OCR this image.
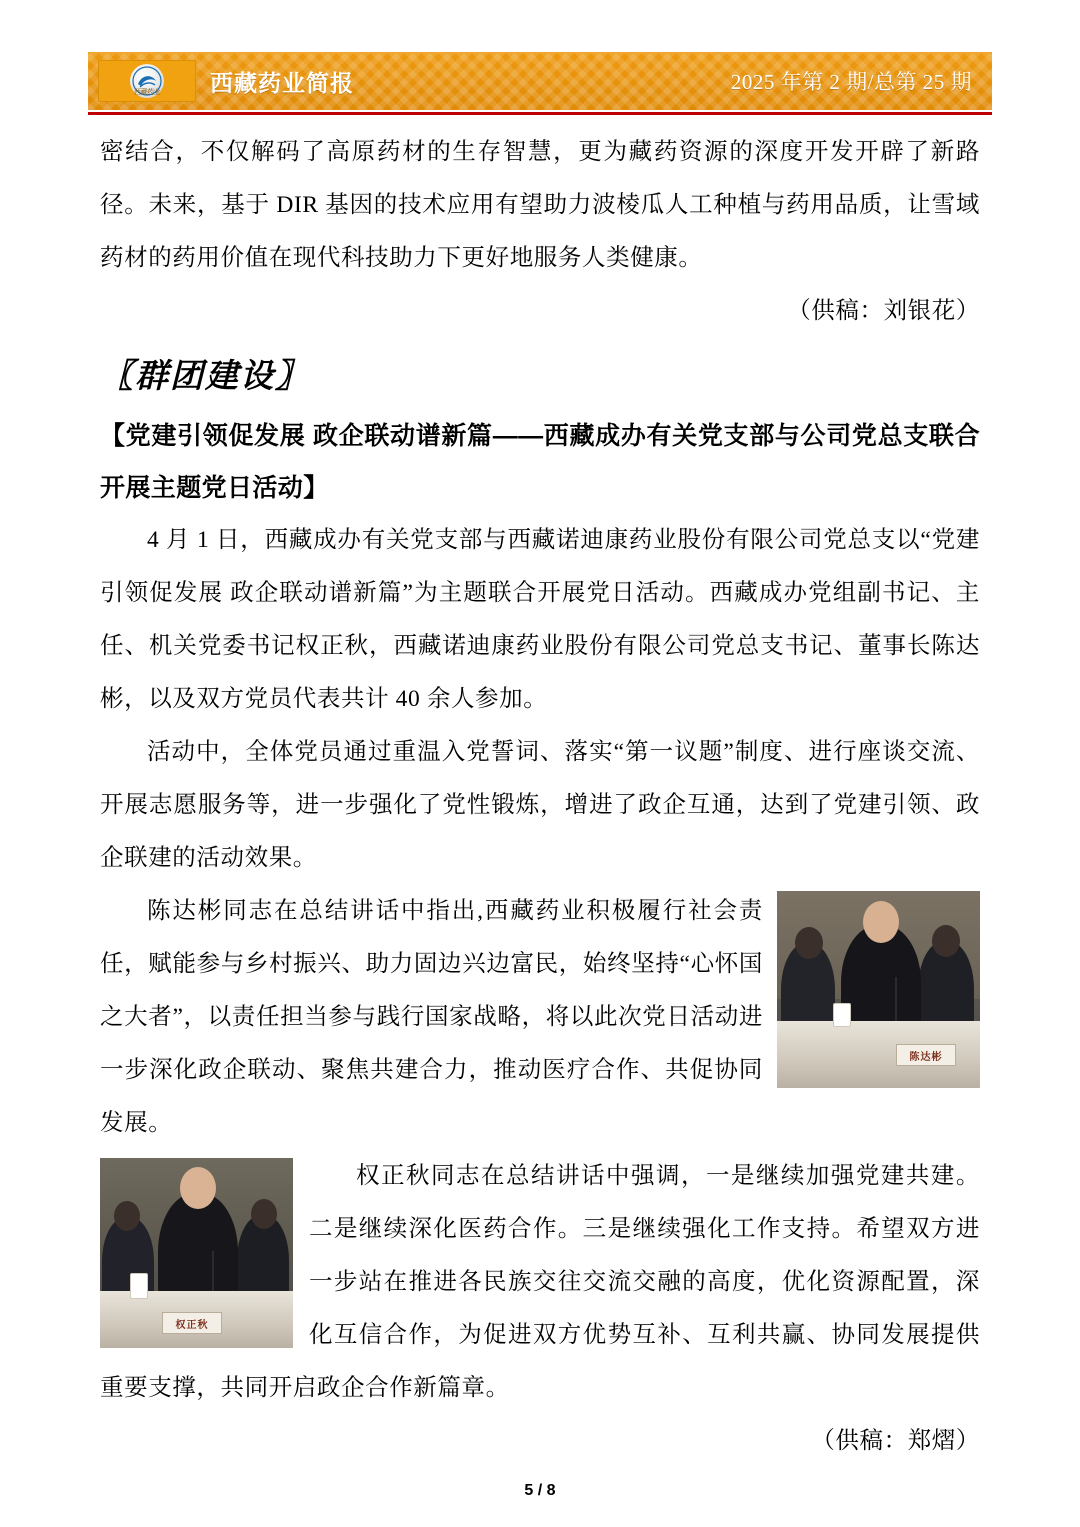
西藏药业 西藏药业简报	2025 年第 2 期/总第 25 期

密结合，不仅解码了高原药材的生存智慧，更为藏药资源的深度开发开辟了新路径。未来，基于 DIR 基因的技术应用有望助力波棱瓜人工种植与药用品质，让雪域药材的药用价值在现代科技助力下更好地服务人类健康。

（供稿：刘银花）

〖群团建设〗
【党建引领促发展 政企联动谱新篇——西藏成办有关党支部与公司党总支联合开展主题党日活动】

4 月 1 日，西藏成办有关党支部与西藏诺迪康药业股份有限公司党总支以“党建引领促发展 政企联动谱新篇”为主题联合开展党日活动。西藏成办党组副书记、主任、机关党委书记权正秋，西藏诺迪康药业股份有限公司党总支书记、董事长陈达彬，以及双方党员代表共计 40 余人参加。

活动中，全体党员通过重温入党誓词、落实“第一议题”制度、进行座谈交流、开展志愿服务等，进一步强化了党性锻炼，增进了政企互通，达到了党建引领、政企联建的活动效果。

陈达彬

陈达彬同志在总结讲话中指出,西藏药业积极履行社会责任，赋能参与乡村振兴、助力固边兴边富民，始终坚持“心怀国之大者”，以责任担当参与践行国家战略，将以此次党日活动进一步深化政企联动、聚焦共建合力，推动医疗合作、共促协同发展。

权正秋

权正秋同志在总结讲话中强调，一是继续加强党建共建。二是继续深化医药合作。三是继续强化工作支持。希望双方进一步站在推进各民族交往交流交融的高度，优化资源配置，深化互信合作，为促进双方优势互补、互利共赢、协同发展提供重要支撑，共同开启政企合作新篇章。

（供稿：郑熠）

5 / 8
